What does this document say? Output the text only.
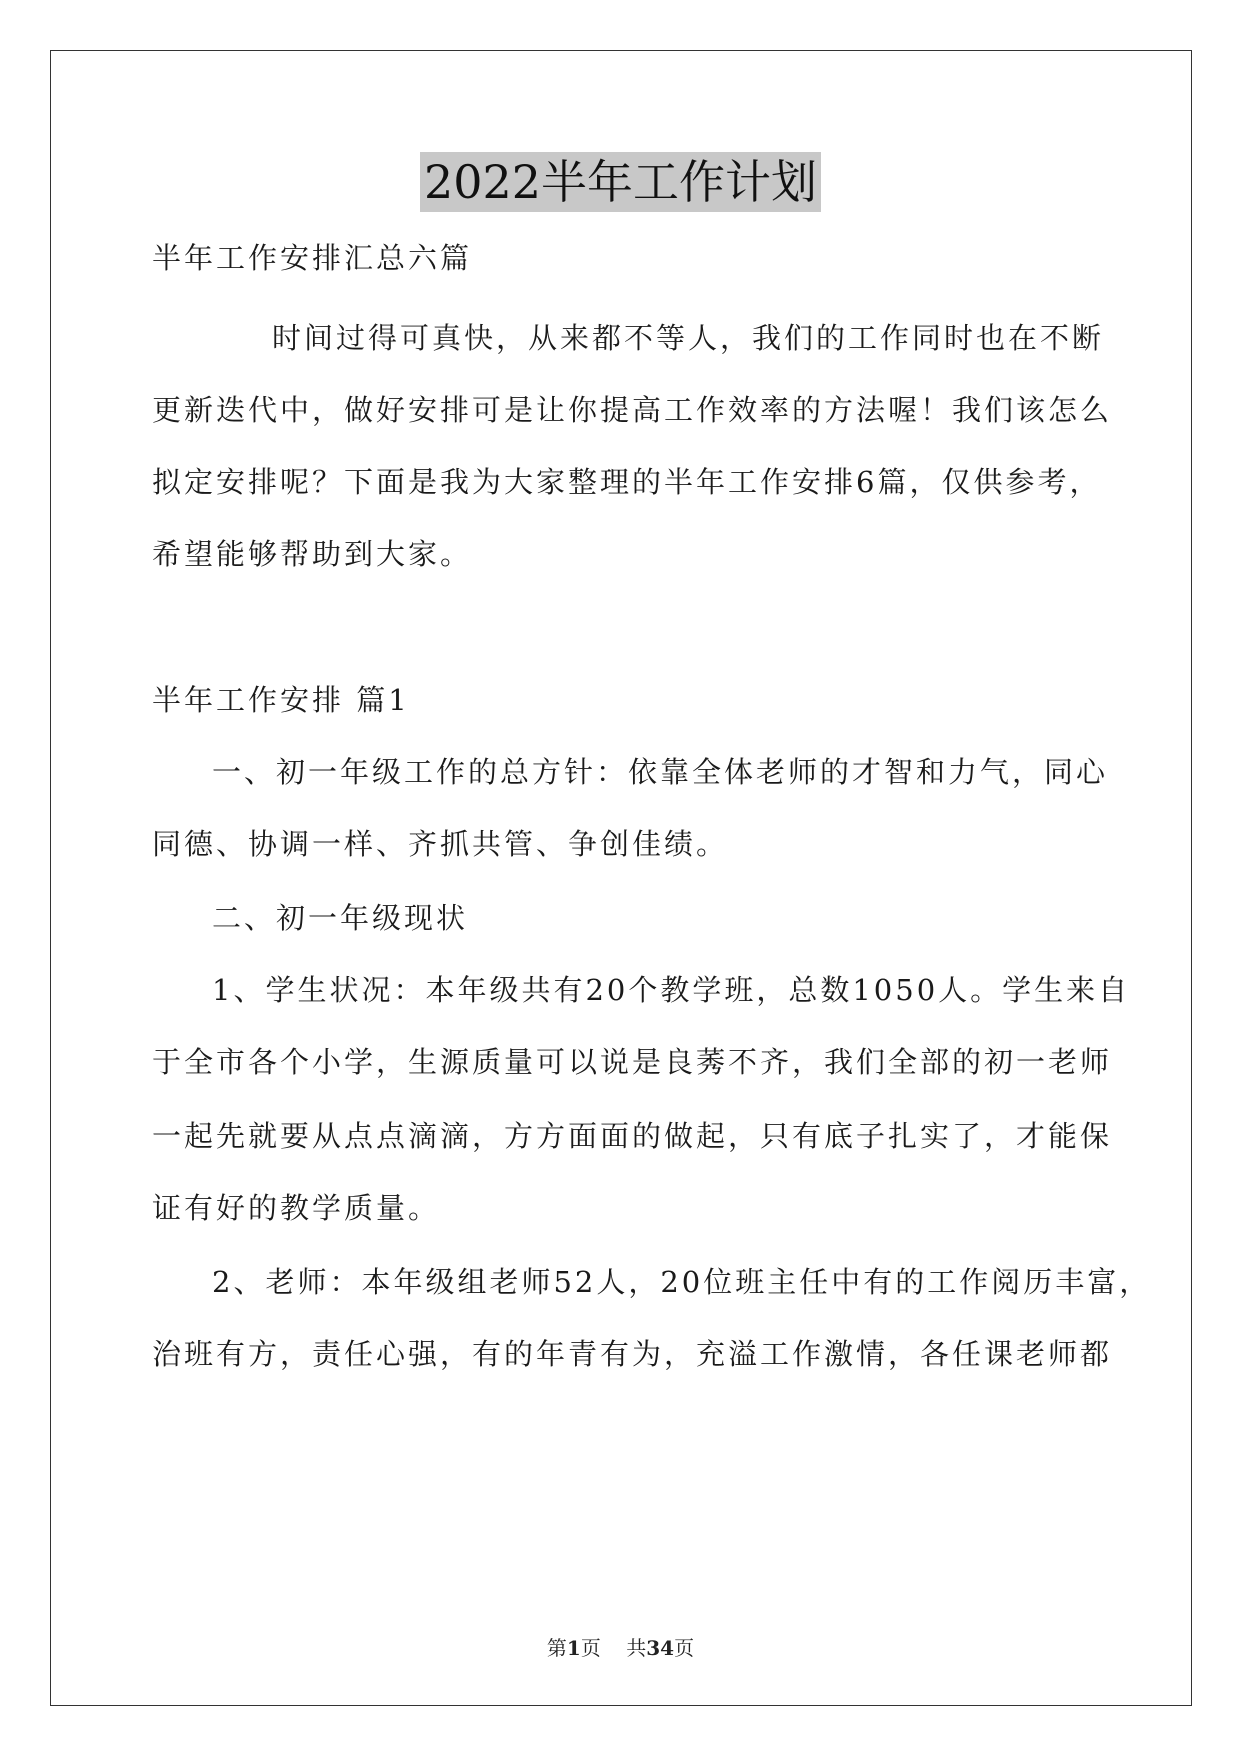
2022半年工作计划
半年工作安排汇总六篇
时间过得可真快，从来都不等人，我们的工作同时也在不断
更新迭代中，做好安排可是让你提高工作效率的方法喔！我们该怎么
拟定安排呢？下面是我为大家整理的半年工作安排6篇，仅供参考，
希望能够帮助到大家。
半年工作安排 篇1
一、初一年级工作的总方针：依靠全体老师的才智和力气，同心
同德、协调一样、齐抓共管、争创佳绩。
二、初一年级现状
1、学生状况：本年级共有20个教学班，总数1050人。学生来自
于全市各个小学，生源质量可以说是良莠不齐，我们全部的初一老师
一起先就要从点点滴滴，方方面面的做起，只有底子扎实了，才能保
证有好的教学质量。
2、老师：本年级组老师52人，20位班主任中有的工作阅历丰富，
治班有方，责任心强，有的年青有为，充溢工作激情，各任课老师都
第1页 共34页
